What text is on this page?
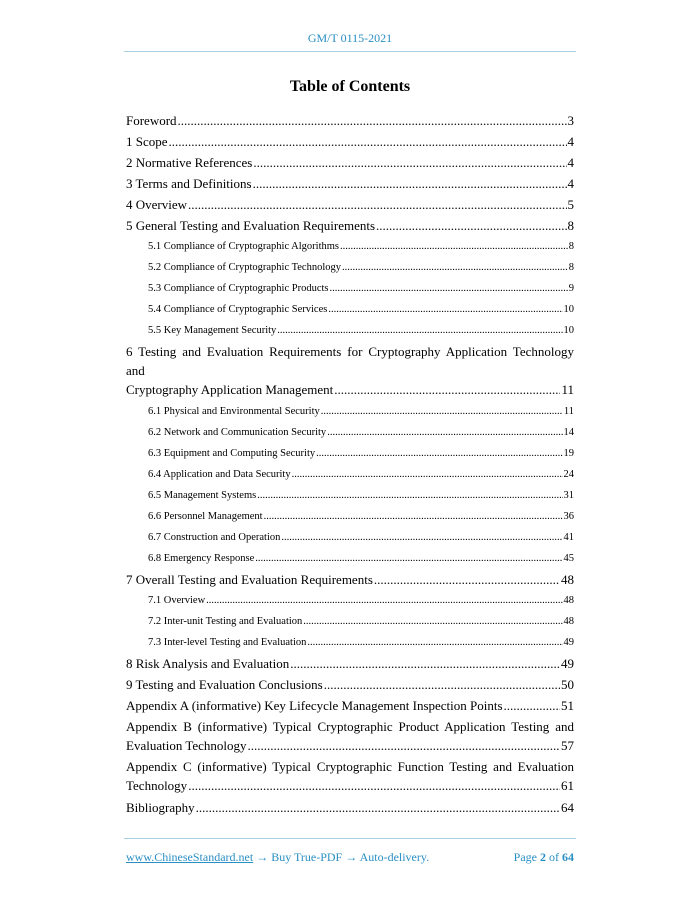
GM/T 0115-2021
Table of Contents
Foreword .....	3
1 Scope .....	4
2 Normative References .....	4
3 Terms and Definitions .....	4
4 Overview .....	5
5 General Testing and Evaluation Requirements .....	8
5.1 Compliance of Cryptographic Algorithms .....	8
5.2 Compliance of Cryptographic Technology .....	8
5.3 Compliance of Cryptographic Products .....	9
5.4 Compliance of Cryptographic Services .....	10
5.5 Key Management Security .....	10
6 Testing and Evaluation Requirements for Cryptography Application Technology and
Cryptography Application Management .....	11
6.1 Physical and Environmental Security .....	11
6.2 Network and Communication Security .....	14
6.3 Equipment and Computing Security .....	19
6.4 Application and Data Security .....	24
6.5 Management Systems .....	31
6.6 Personnel Management .....	36
6.7 Construction and Operation .....	41
6.8 Emergency Response .....	45
7 Overall Testing and Evaluation Requirements .....	48
7.1 Overview .....	48
7.2 Inter-unit Testing and Evaluation .....	48
7.3 Inter-level Testing and Evaluation .....	49
8 Risk Analysis and Evaluation .....	49
9 Testing and Evaluation Conclusions .....	50
Appendix A (informative) Key Lifecycle Management Inspection Points .....	51
Appendix B (informative) Typical Cryptographic Product Application Testing and
Evaluation Technology .....	57
Appendix C (informative) Typical Cryptographic Function Testing and Evaluation
Technology .....	61
Bibliography .....	64
www.ChineseStandard.net → Buy True-PDF → Auto-delivery.	Page 2 of 64
